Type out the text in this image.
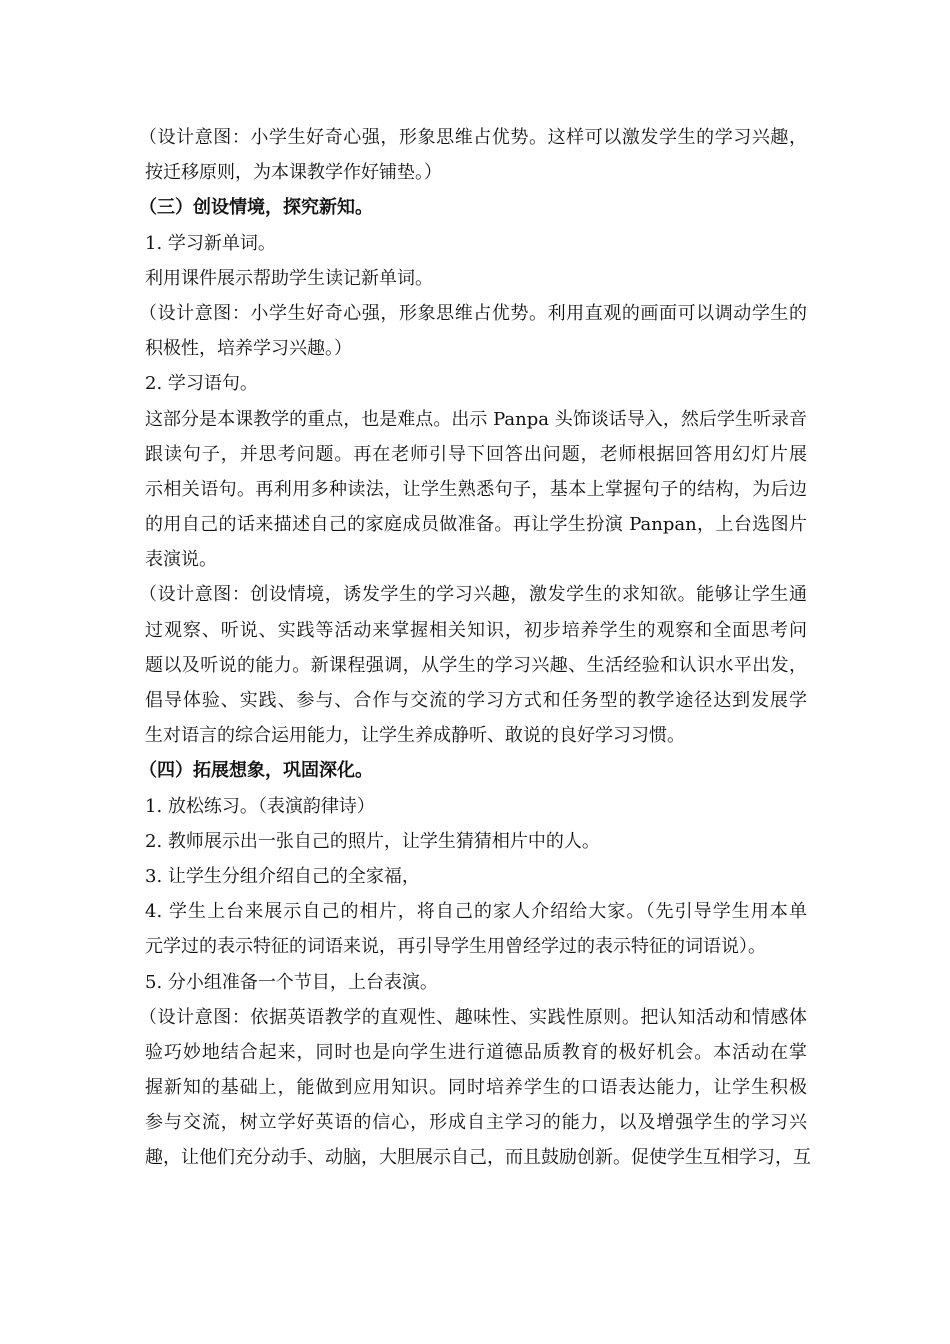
（设计意图：小学生好奇心强，形象思维占优势。这样可以激发学生的学习兴趣，
按迁移原则，为本课教学作好铺垫。）
（三）创设情境，探究新知。
1. 学习新单词。
利用课件展示帮助学生读记新单词。
（设计意图：小学生好奇心强，形象思维占优势。利用直观的画面可以调动学生的
积极性，培养学习兴趣。）
2. 学习语句。
这部分是本课教学的重点，也是难点。出示 Panpa 头饰谈话导入，然后学生听录音
跟读句子，并思考问题。再在老师引导下回答出问题，老师根据回答用幻灯片展
示相关语句。再利用多种读法，让学生熟悉句子，基本上掌握句子的结构，为后边
的用自己的话来描述自己的家庭成员做准备。再让学生扮演 Panpan，上台选图片
表演说。
（设计意图：创设情境，诱发学生的学习兴趣，激发学生的求知欲。能够让学生通
过观察、听说、实践等活动来掌握相关知识，初步培养学生的观察和全面思考问
题以及听说的能力。新课程强调，从学生的学习兴趣、生活经验和认识水平出发，
倡导体验、实践、参与、合作与交流的学习方式和任务型的教学途径达到发展学
生对语言的综合运用能力，让学生养成静听、敢说的良好学习习惯。
（四）拓展想象，巩固深化。
1. 放松练习。（表演韵律诗）
2. 教师展示出一张自己的照片，让学生猜猜相片中的人。
3. 让学生分组介绍自己的全家福，
4. 学生上台来展示自己的相片，将自己的家人介绍给大家。（先引导学生用本单
元学过的表示特征的词语来说，再引导学生用曾经学过的表示特征的词语说）。
5. 分小组准备一个节目，上台表演。
（设计意图：依据英语教学的直观性、趣味性、实践性原则。把认知活动和情感体
验巧妙地结合起来，同时也是向学生进行道德品质教育的极好机会。本活动在掌
握新知的基础上，能做到应用知识。同时培养学生的口语表达能力，让学生积极
参与交流，树立学好英语的信心，形成自主学习的能力，以及增强学生的学习兴
趣，让他们充分动手、动脑，大胆展示自己，而且鼓励创新。促使学生互相学习，互
